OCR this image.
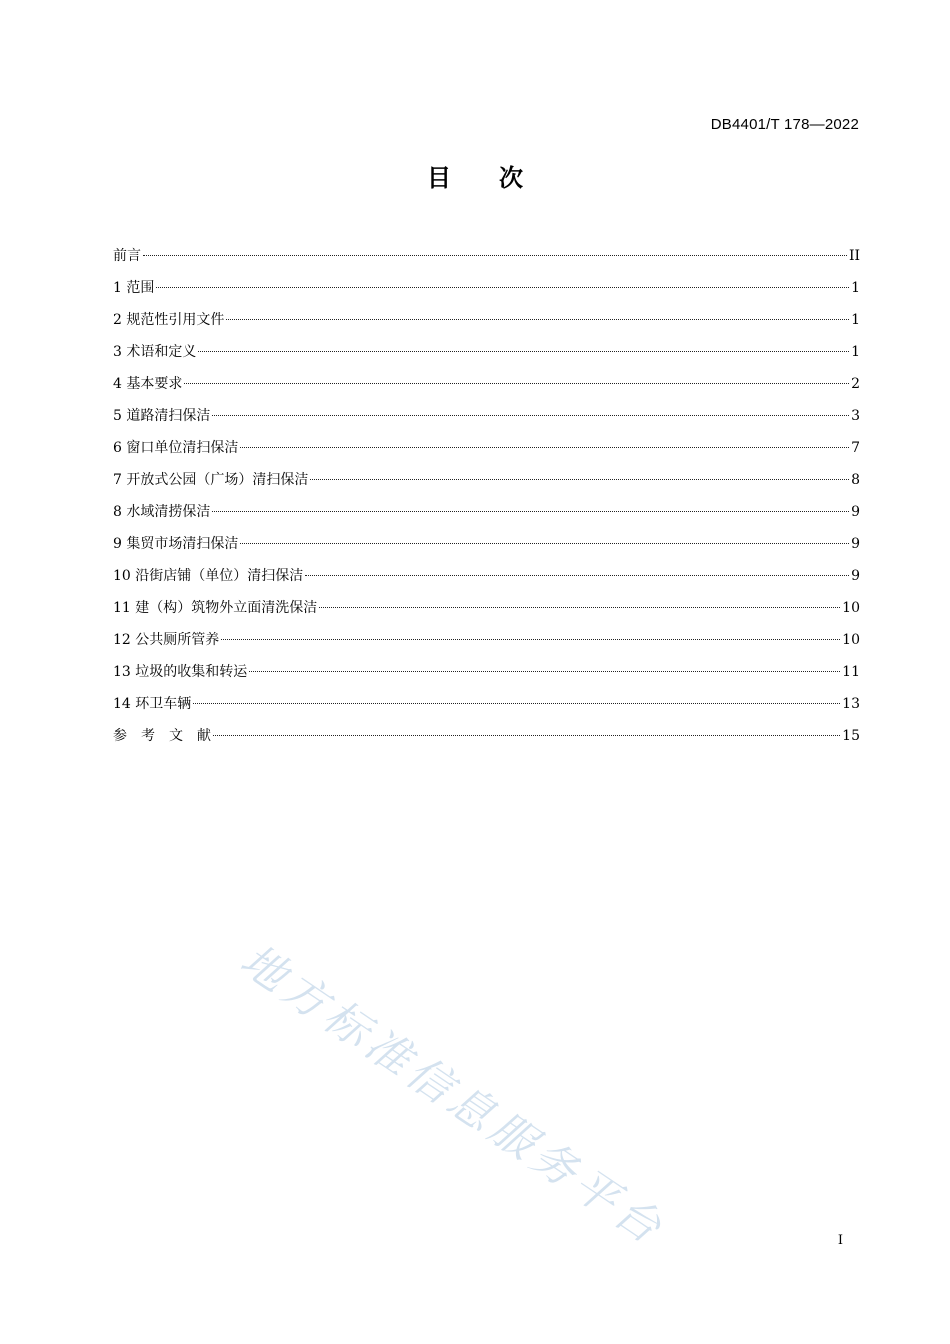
DB4401/T 178—2022
目　　次
前言	II
1 范围	1
2 规范性引用文件	1
3 术语和定义	1
4 基本要求	2
5 道路清扫保洁	3
6 窗口单位清扫保洁	7
7 开放式公园（广场）清扫保洁	8
8 水域清捞保洁	9
9 集贸市场清扫保洁	9
10 沿街店铺（单位）清扫保洁	9
11 建（构）筑物外立面清洗保洁	10
12 公共厕所管养	10
13 垃圾的收集和转运	11
14 环卫车辆	13
参　考　文　献	15
地方标准信息服务平台	I
